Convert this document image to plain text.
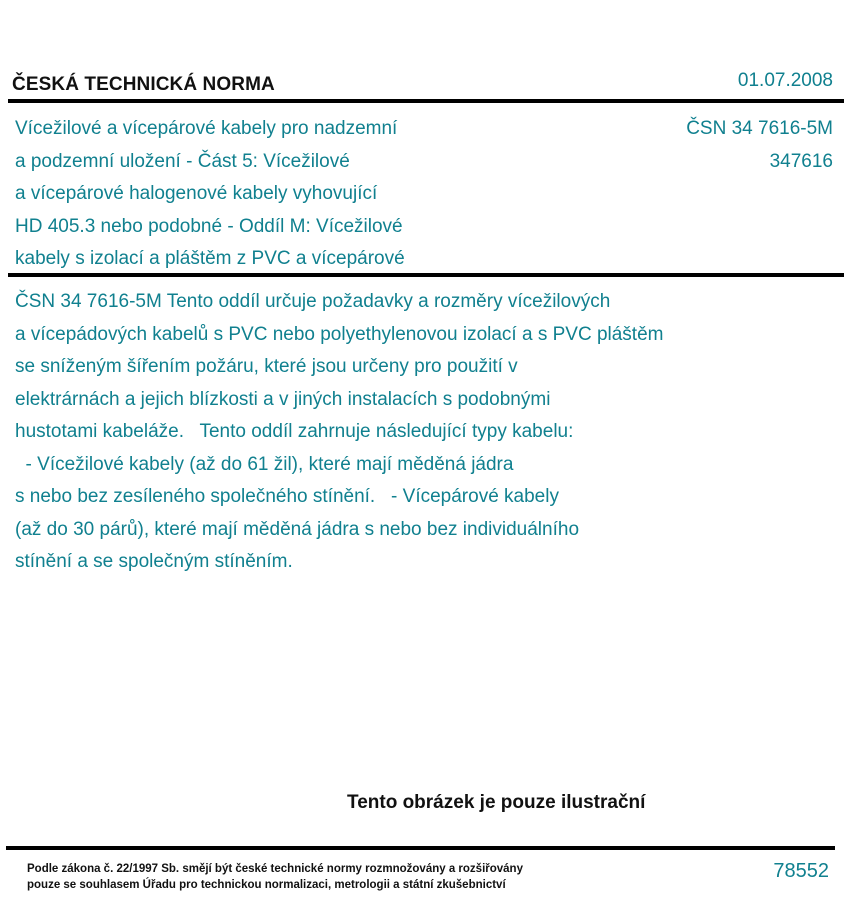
ČESKÁ TECHNICKÁ NORMA	01.07.2008
Vícežilové a vícepárové kabely pro nadzemní
a podzemní uložení - Část 5: Vícežilové
a vícepárové halogenové kabely vyhovující
HD 405.3 nebo podobné - Oddíl M: Vícežilové
kabely s izolací a pláštěm z PVC a vícepárové
ČSN 34 7616-5M
347616
ČSN 34 7616-5M Tento oddíl určuje požadavky a rozměry vícežilových
a vícepádových kabelů s PVC nebo polyethylenovou izolací a s PVC pláštěm
se sníženým šířením požáru, které jsou určeny pro použití v
elektrárnách a jejich blízkosti a v jiných instalacích s podobnými
hustotami kabeláže.   Tento oddíl zahrnuje následující typy kabelu:
- Vícežilové kabely (až do 61 žil), které mají měděná jádra
s nebo bez zesíleného společného stínění.   - Vícepárové kabely
(až do 30 párů), které mají měděná jádra s nebo bez individuálního
stínění a se společným stíněním.
Tento obrázek je pouze ilustrační
Podle zákona č. 22/1997 Sb. smějí být české technické normy rozmnožovány a rozšiřovány
pouze se souhlasem Úřadu pro technickou normalizaci, metrologii a státní zkušebnictví
78552
